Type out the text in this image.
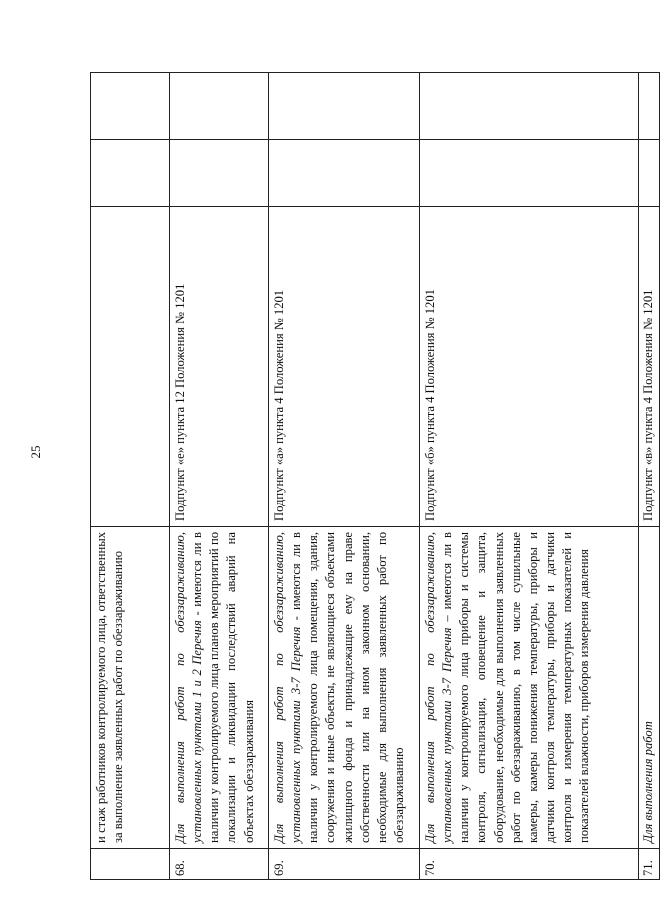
25
	и стаж работников контролируемого лица, ответственных за выполнение заявленных работ по обеззараживанию			
68.	Для выполнения работ по обеззараживанию, установленных пунктами 1 и 2 Перечня - имеются ли в наличии у контролируемого лица планов мероприятий по локализации и ликвидации последствий аварий на объектах обеззараживания	Подпункт «е» пункта 12 Положения № 1201		
69.	Для выполнения работ по обеззараживанию, установленных пунктами 3-7 Перечня - имеются ли в наличии у контролируемого лица помещения, здания, сооружения и иные объекты, не являющиеся объектами жилищного фонда и принадлежащие ему на праве собственности или на ином законном основании, необходимые для выполнения заявленных работ по обеззараживанию	Подпункт «а» пункта 4 Положения № 1201		
70.	Для выполнения работ по обеззараживанию, установленных пунктами 3-7 Перечня – имеются ли в наличии у контролируемого лица приборы и системы контроля, сигнализация, оповещение и защита, оборудование, необходимые для выполнения заявленных работ по обеззараживанию, в том числе сушильные камеры, камеры понижения температуры, приборы и датчики контроля температуры, приборы и датчики контроля и измерения температурных показателей и показателей влажности, приборов измерения давления	Подпункт «б» пункта 4 Положения № 1201		
71.	Для выполнения работ	Подпункт «в» пункта 4 Положения № 1201		
